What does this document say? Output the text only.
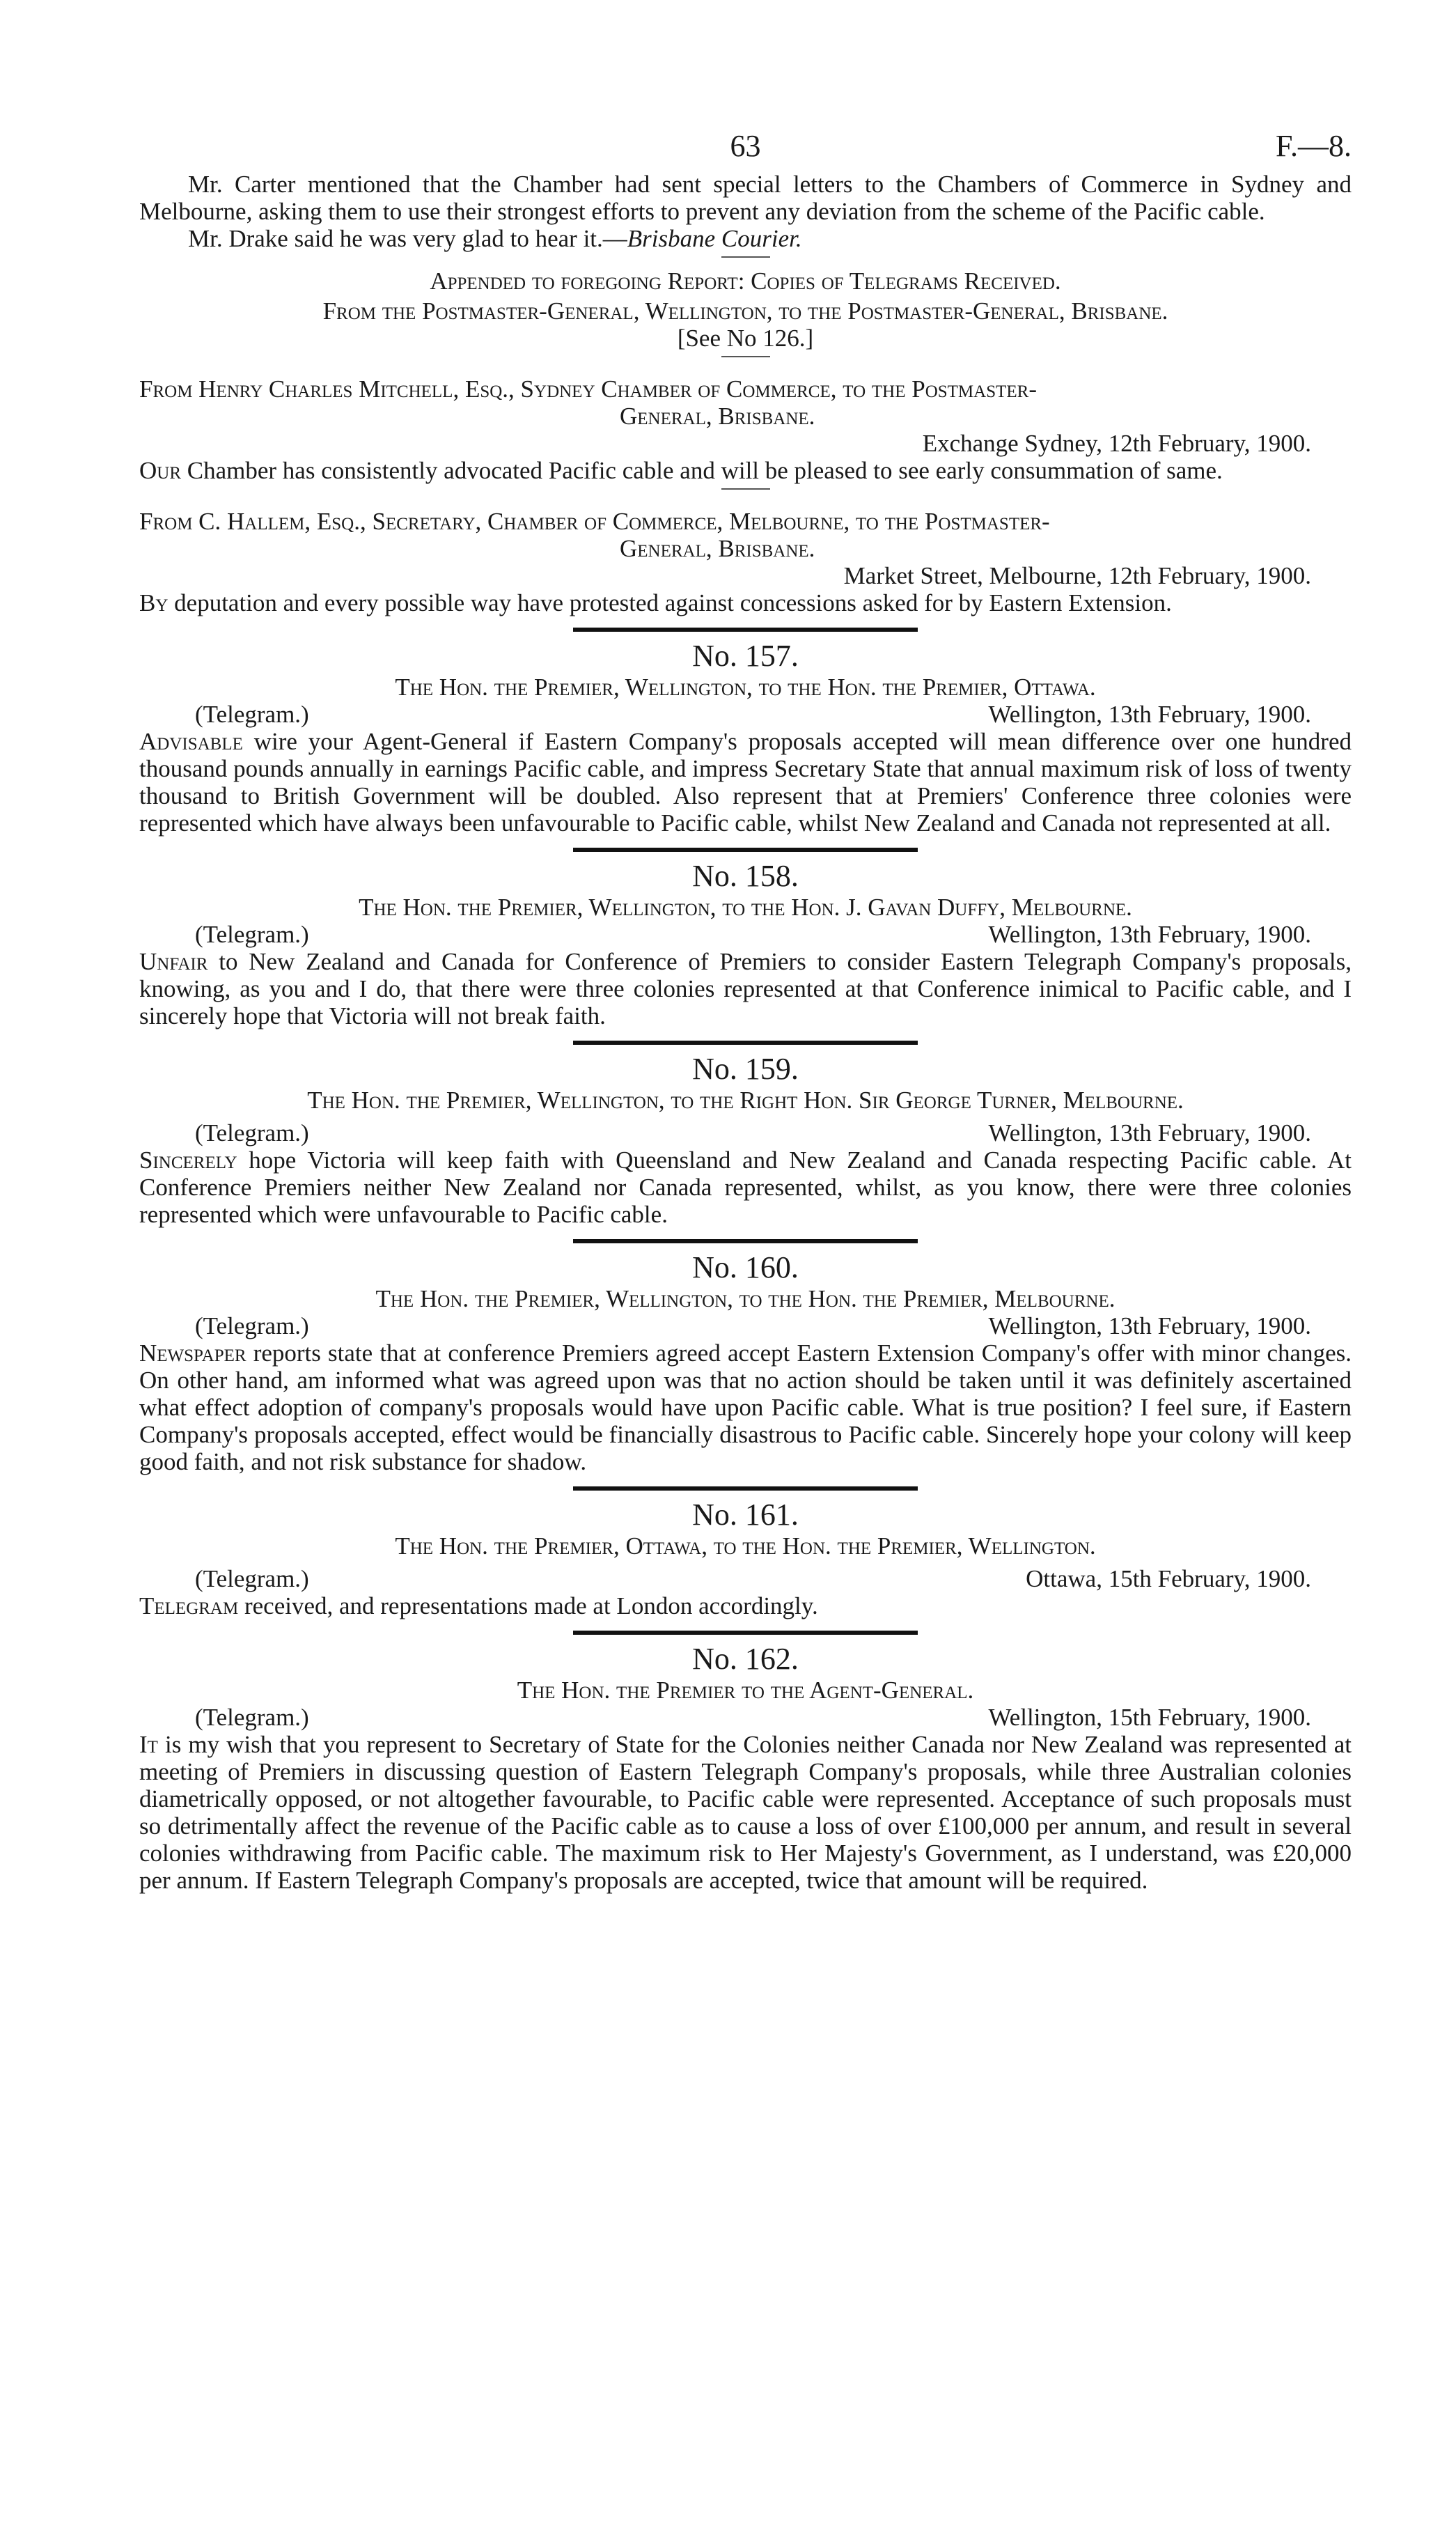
63	F.—8.

Mr. Carter mentioned that the Chamber had sent special letters to the Chambers of Commerce in Sydney and Melbourne, asking them to use their strongest efforts to prevent any deviation from the scheme of the Pacific cable.

Mr. Drake said he was very glad to hear it.—Brisbane Courier.

Appended to foregoing Report: Copies of Telegrams Received.

From the Postmaster-General, Wellington, to the Postmaster-General, Brisbane.

[See No 126.]

From Henry Charles Mitchell, Esq., Sydney Chamber of Commerce, to the Postmaster-

General, Brisbane.

Exchange Sydney, 12th February, 1900.

Our Chamber has consistently advocated Pacific cable and will be pleased to see early consummation of same.

From C. Hallem, Esq., Secretary, Chamber of Commerce, Melbourne, to the Postmaster-

General, Brisbane.

Market Street, Melbourne, 12th February, 1900.

By deputation and every possible way have protested against concessions asked for by Eastern Extension.

No. 157.

The Hon. the Premier, Wellington, to the Hon. the Premier, Ottawa.

(Telegram.)	Wellington, 13th February, 1900.

Advisable wire your Agent-General if Eastern Company's proposals accepted will mean difference over one hundred thousand pounds annually in earnings Pacific cable, and impress Secretary State that annual maximum risk of loss of twenty thousand to British Government will be doubled. Also represent that at Premiers' Conference three colonies were represented which have always been unfavourable to Pacific cable, whilst New Zealand and Canada not represented at all.

No. 158.

The Hon. the Premier, Wellington, to the Hon. J. Gavan Duffy, Melbourne.

(Telegram.)	Wellington, 13th February, 1900.

Unfair to New Zealand and Canada for Conference of Premiers to consider Eastern Telegraph Company's proposals, knowing, as you and I do, that there were three colonies represented at that Conference inimical to Pacific cable, and I sincerely hope that Victoria will not break faith.

No. 159.

The Hon. the Premier, Wellington, to the Right Hon. Sir George Turner, Melbourne.

(Telegram.)	Wellington, 13th February, 1900.

Sincerely hope Victoria will keep faith with Queensland and New Zealand and Canada respecting Pacific cable. At Conference Premiers neither New Zealand nor Canada represented, whilst, as you know, there were three colonies represented which were unfavourable to Pacific cable.

No. 160.

The Hon. the Premier, Wellington, to the Hon. the Premier, Melbourne.

(Telegram.)	Wellington, 13th February, 1900.

Newspaper reports state that at conference Premiers agreed accept Eastern Extension Company's offer with minor changes. On other hand, am informed what was agreed upon was that no action should be taken until it was definitely ascertained what effect adoption of company's proposals would have upon Pacific cable. What is true position? I feel sure, if Eastern Company's proposals accepted, effect would be financially disastrous to Pacific cable. Sincerely hope your colony will keep good faith, and not risk substance for shadow.

No. 161.

The Hon. the Premier, Ottawa, to the Hon. the Premier, Wellington.

(Telegram.)	Ottawa, 15th February, 1900.

Telegram received, and representations made at London accordingly.

No. 162.

The Hon. the Premier to the Agent-General.

(Telegram.)	Wellington, 15th February, 1900.

It is my wish that you represent to Secretary of State for the Colonies neither Canada nor New Zealand was represented at meeting of Premiers in discussing question of Eastern Telegraph Company's proposals, while three Australian colonies diametrically opposed, or not altogether favourable, to Pacific cable were represented. Acceptance of such proposals must so detrimentally affect the revenue of the Pacific cable as to cause a loss of over £100,000 per annum, and result in several colonies withdrawing from Pacific cable. The maximum risk to Her Majesty's Government, as I understand, was £20,000 per annum. If Eastern Telegraph Company's proposals are accepted, twice that amount will be required.
